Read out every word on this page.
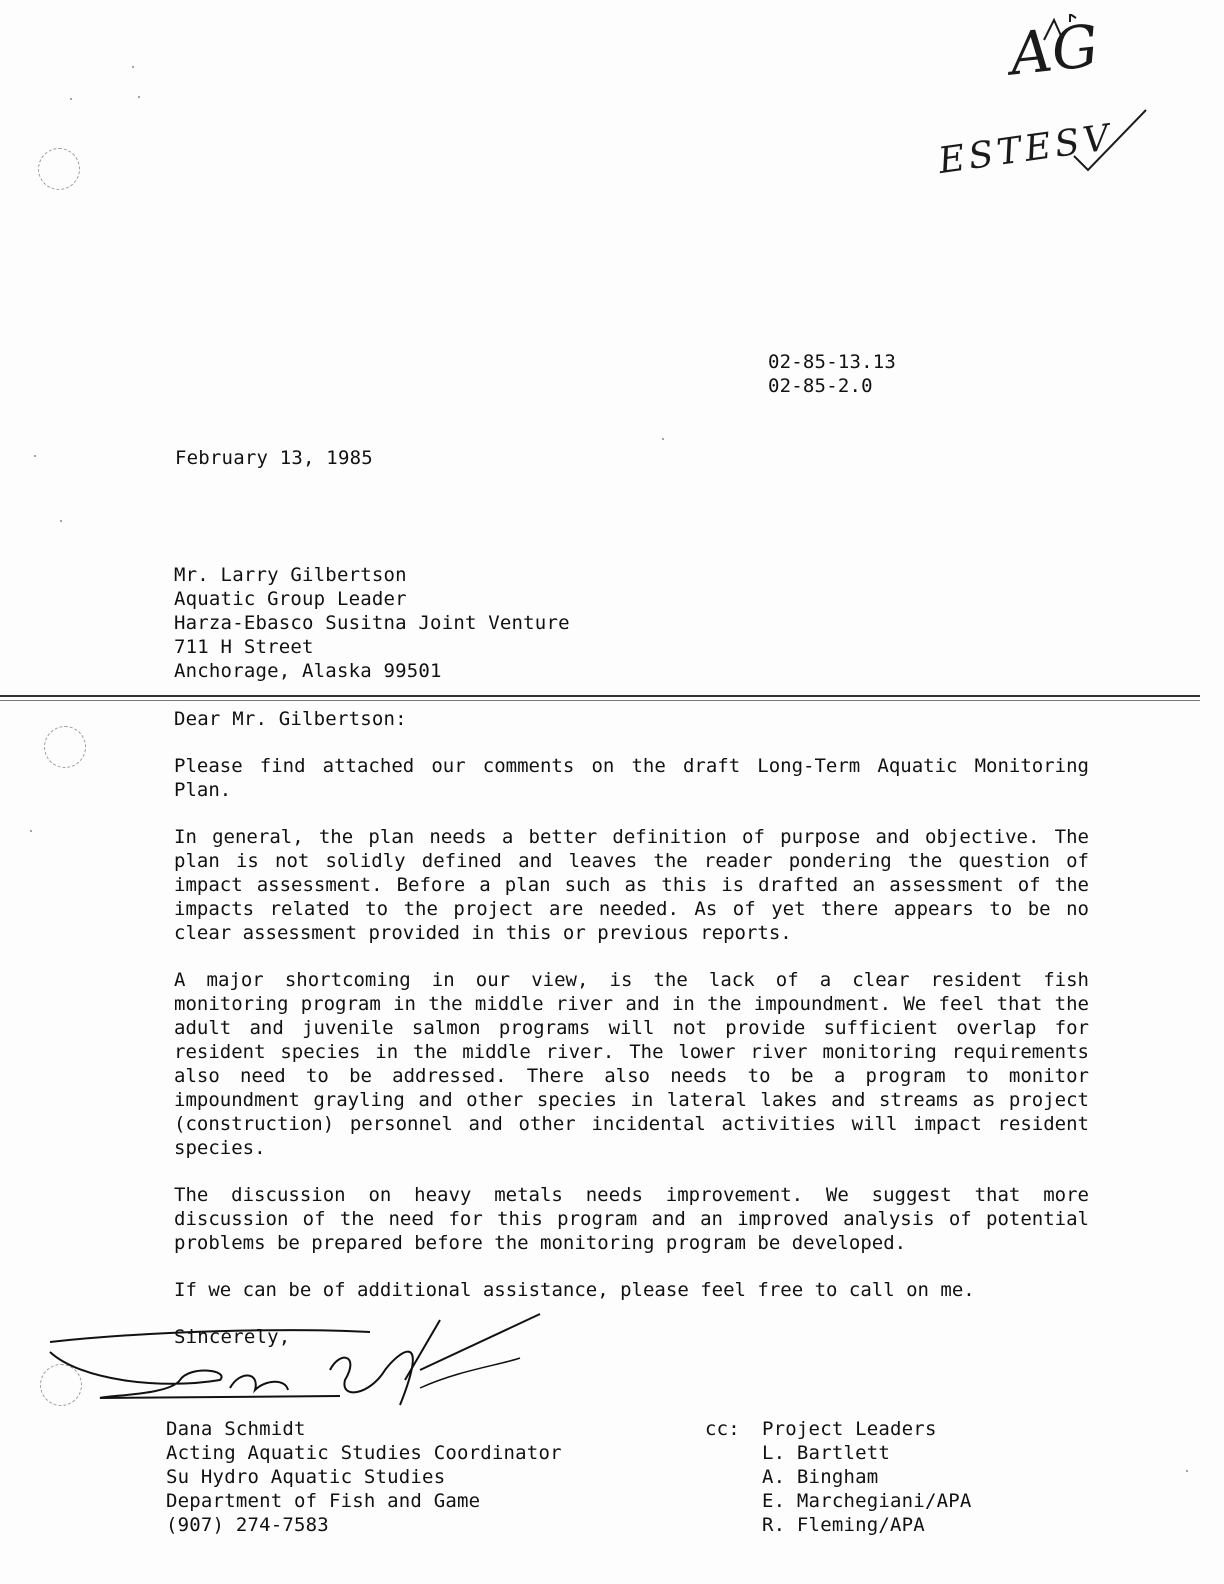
AG
ESTESV
02-85-13.13
02-85-2.0
February 13, 1985
Mr. Larry Gilbertson
Aquatic Group Leader
Harza-Ebasco Susitna Joint Venture
711 H Street
Anchorage, Alaska 99501
Dear Mr. Gilbertson:
Please find attached our comments on the draft Long-Term Aquatic Monitoring Plan.
In general, the plan needs a better definition of purpose and objective. The plan is not solidly defined and leaves the reader pondering the question of impact assessment. Before a plan such as this is drafted an assessment of the impacts related to the project are needed. As of yet there appears to be no clear assessment provided in this or previous reports.
A major shortcoming in our view, is the lack of a clear resident fish monitoring program in the middle river and in the impoundment. We feel that the adult and juvenile salmon programs will not provide sufficient overlap for resident species in the middle river. The lower river monitoring requirements also need to be addressed. There also needs to be a program to monitor impoundment grayling and other species in lateral lakes and streams as project (construction) personnel and other incidental activities will impact resident species.
The discussion on heavy metals needs improvement. We suggest that more discussion of the need for this program and an improved analysis of potential problems be prepared before the monitoring program be developed.
If we can be of additional assistance, please feel free to call on me.
Sincerely,
Dana Schmidt
Acting Aquatic Studies Coordinator
Su Hydro Aquatic Studies
Department of Fish and Game
(907) 274-7583
cc: Project Leaders
L. Bartlett
A. Bingham
E. Marchegiani/APA
R. Fleming/APA
